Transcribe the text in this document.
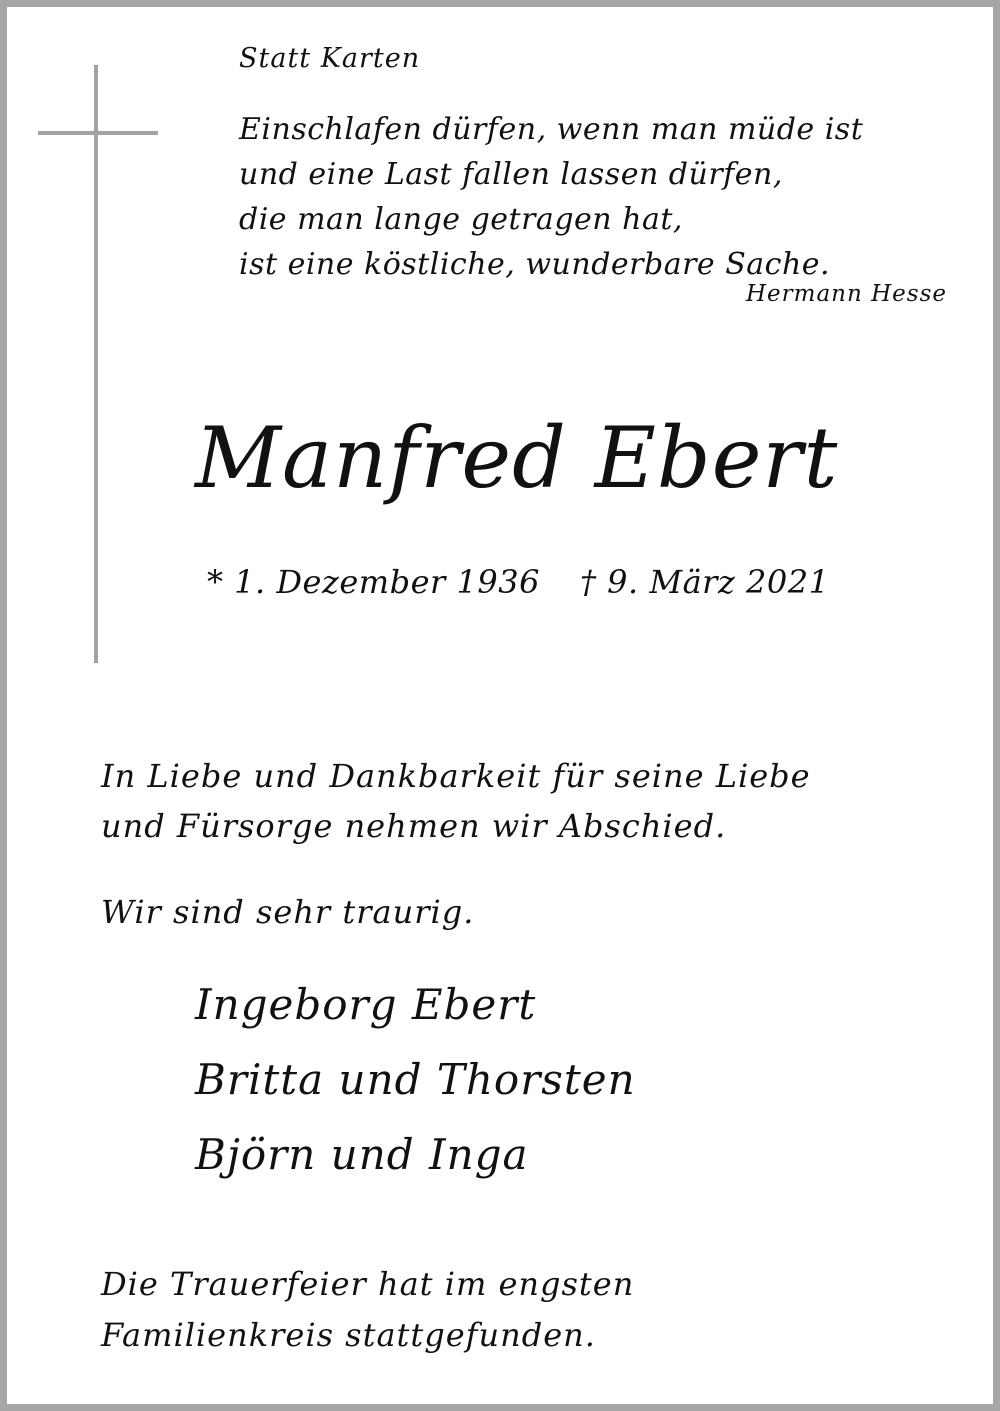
Statt Karten
Einschlafen dürfen, wenn man müde ist
und eine Last fallen lassen dürfen,
die man lange getragen hat,
ist eine köstliche, wunderbare Sache.
Hermann Hesse
Manfred Ebert
* 1. Dezember 1936 † 9. März 2021
In Liebe und Dankbarkeit für seine Liebe
und Fürsorge nehmen wir Abschied.
Wir sind sehr traurig.
Ingeborg Ebert
Britta und Thorsten
Björn und Inga
Die Trauerfeier hat im engsten
Familienkreis stattgefunden.
